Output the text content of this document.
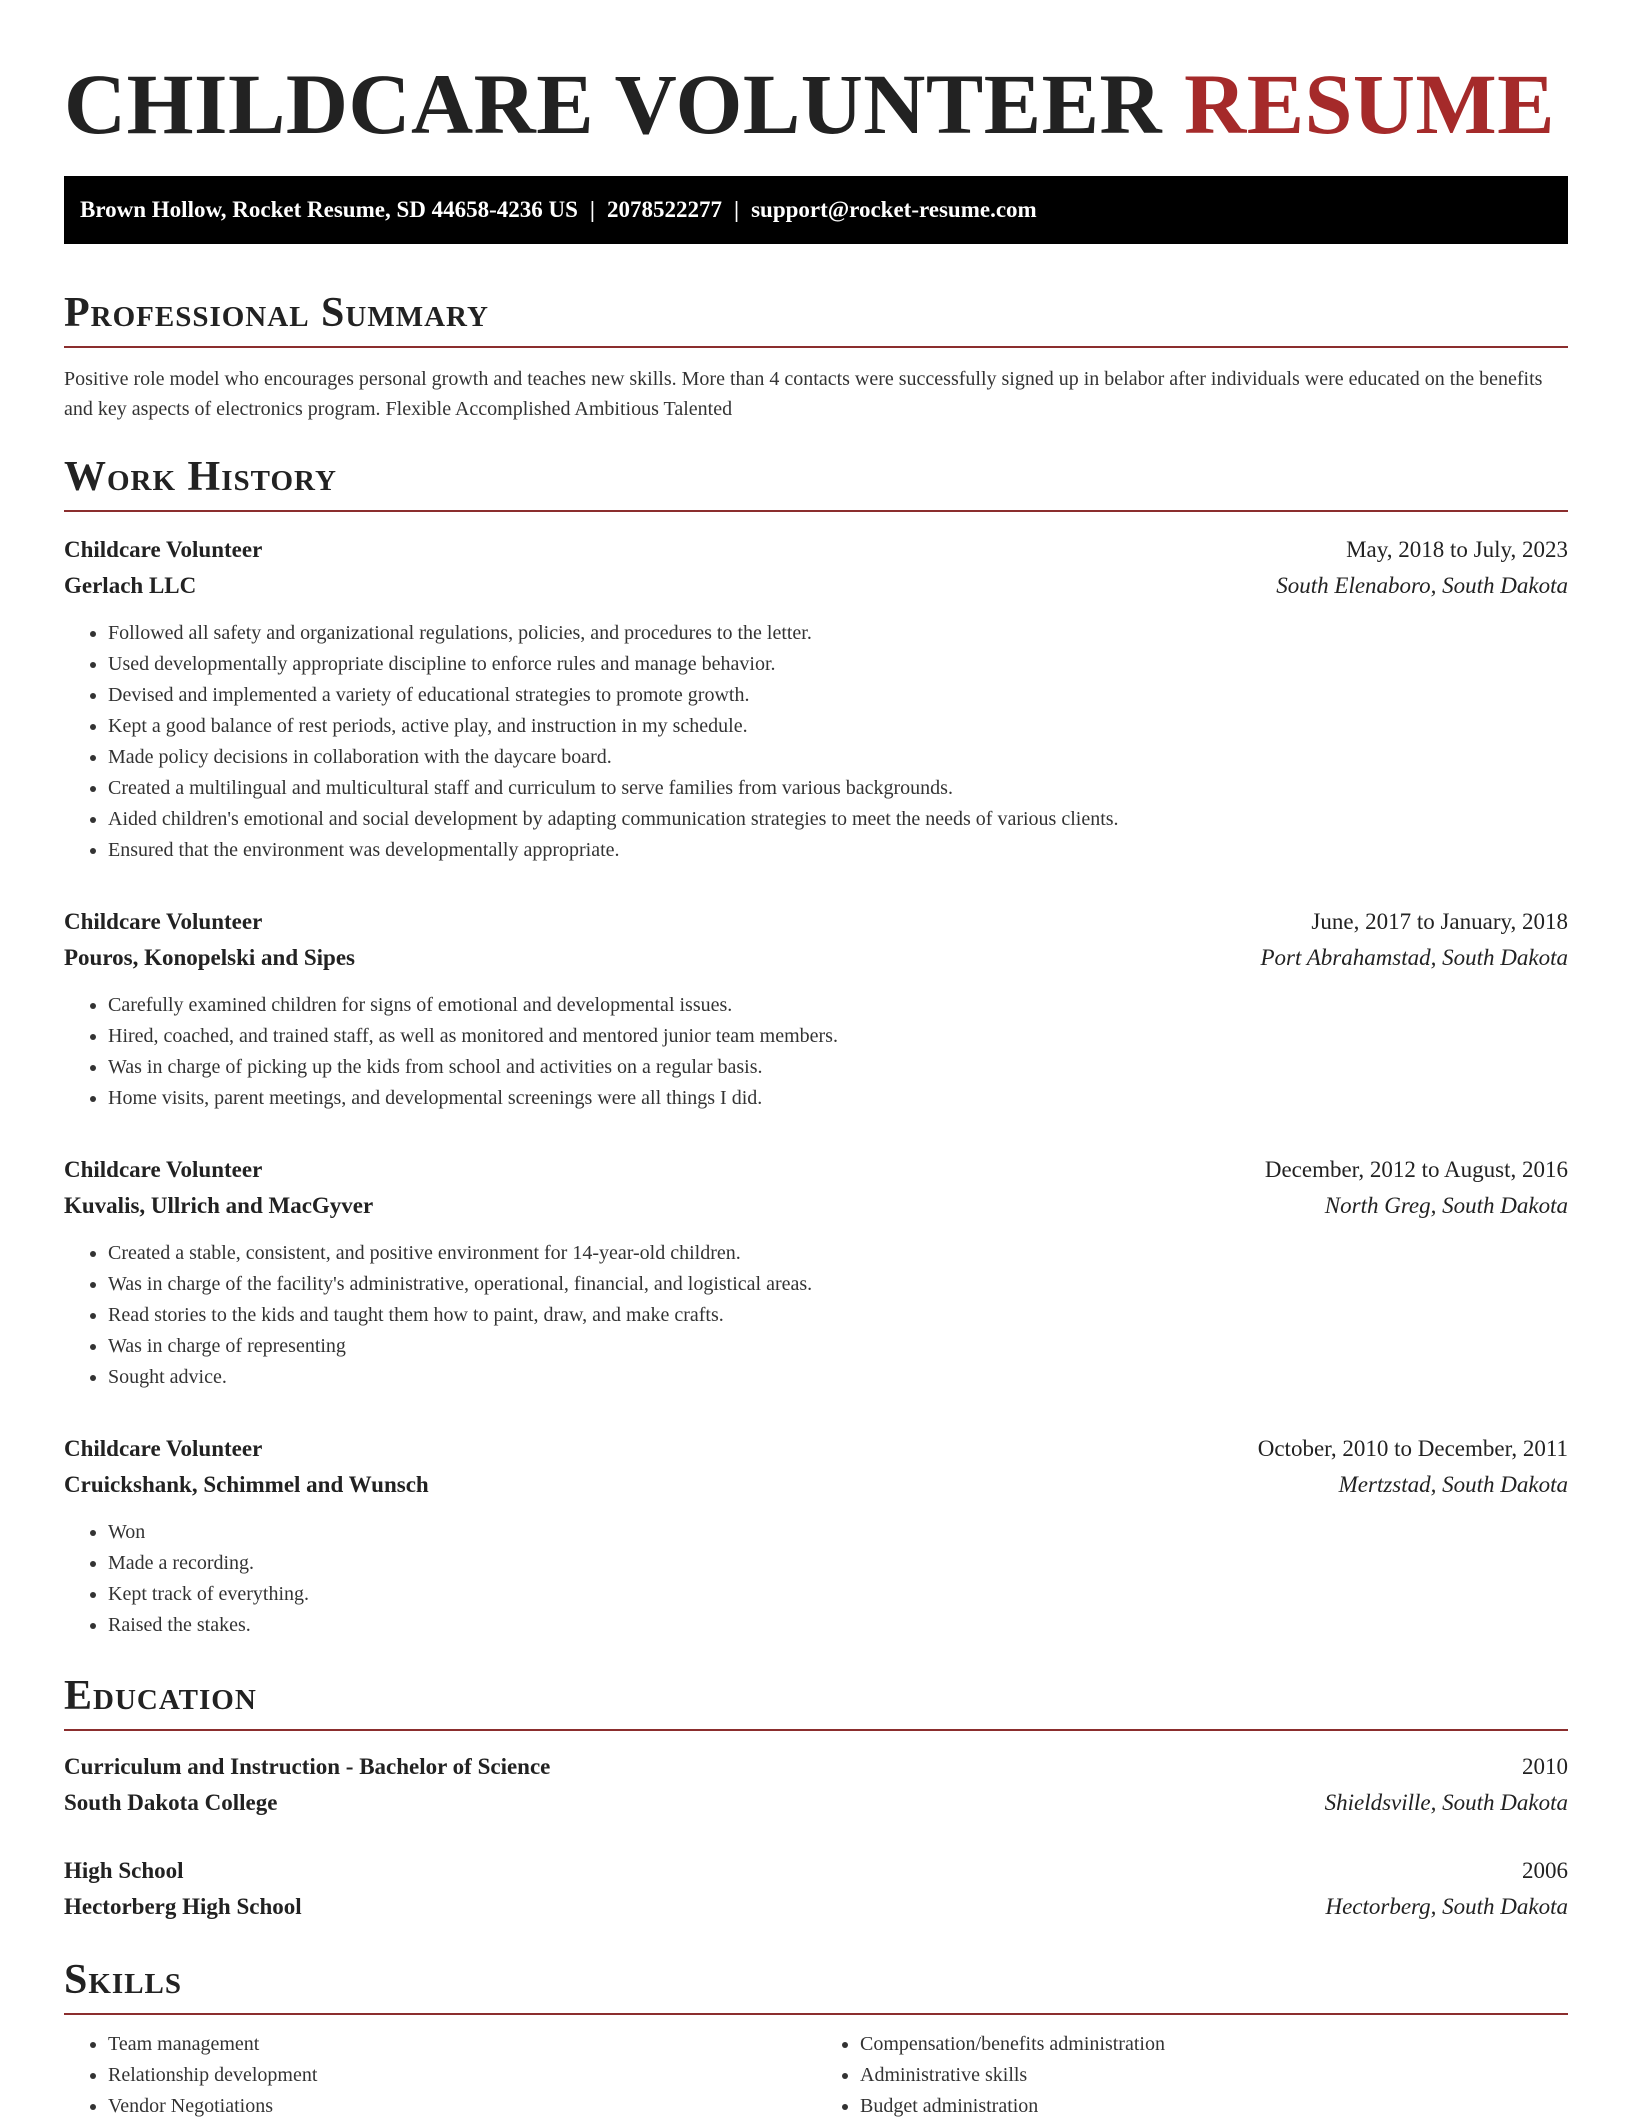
CHILDCARE VOLUNTEER RESUME
Brown Hollow, Rocket Resume, SD 44658-4236 US | 2078522277 | support@rocket-resume.com
Professional Summary

Positive role model who encourages personal growth and teaches new skills. More than 4 contacts were successfully signed up in belabor after individuals were educated on the benefits and key aspects of electronics program. Flexible Accomplished Ambitious Talented

Work History
Childcare Volunteer	May, 2018 to July, 2023
Gerlach LLC	South Elenaboro, South Dakota
• Followed all safety and organizational regulations, policies, and procedures to the letter.
• Used developmentally appropriate discipline to enforce rules and manage behavior.
• Devised and implemented a variety of educational strategies to promote growth.
• Kept a good balance of rest periods, active play, and instruction in my schedule.
• Made policy decisions in collaboration with the daycare board.
• Created a multilingual and multicultural staff and curriculum to serve families from various backgrounds.
• Aided children's emotional and social development by adapting communication strategies to meet the needs of various clients.
• Ensured that the environment was developmentally appropriate.
Childcare Volunteer	June, 2017 to January, 2018
Pouros, Konopelski and Sipes	Port Abrahamstad, South Dakota
• Carefully examined children for signs of emotional and developmental issues.
• Hired, coached, and trained staff, as well as monitored and mentored junior team members.
• Was in charge of picking up the kids from school and activities on a regular basis.
• Home visits, parent meetings, and developmental screenings were all things I did.
Childcare Volunteer	December, 2012 to August, 2016
Kuvalis, Ullrich and MacGyver	North Greg, South Dakota
• Created a stable, consistent, and positive environment for 14-year-old children.
• Was in charge of the facility's administrative, operational, financial, and logistical areas.
• Read stories to the kids and taught them how to paint, draw, and make crafts.
• Was in charge of representing
• Sought advice.
Childcare Volunteer	October, 2010 to December, 2011
Cruickshank, Schimmel and Wunsch	Mertzstad, South Dakota
• Won
• Made a recording.
• Kept track of everything.
• Raised the stakes.
Education
Curriculum and Instruction - Bachelor of Science	2010
South Dakota College	Shieldsville, South Dakota
High School	2006
Hectorberg High School	Hectorberg, South Dakota
Skills
• Team management
• Relationship development
• Vendor Negotiations
• Compensation/benefits administration
• Administrative skills
• Budget administration
